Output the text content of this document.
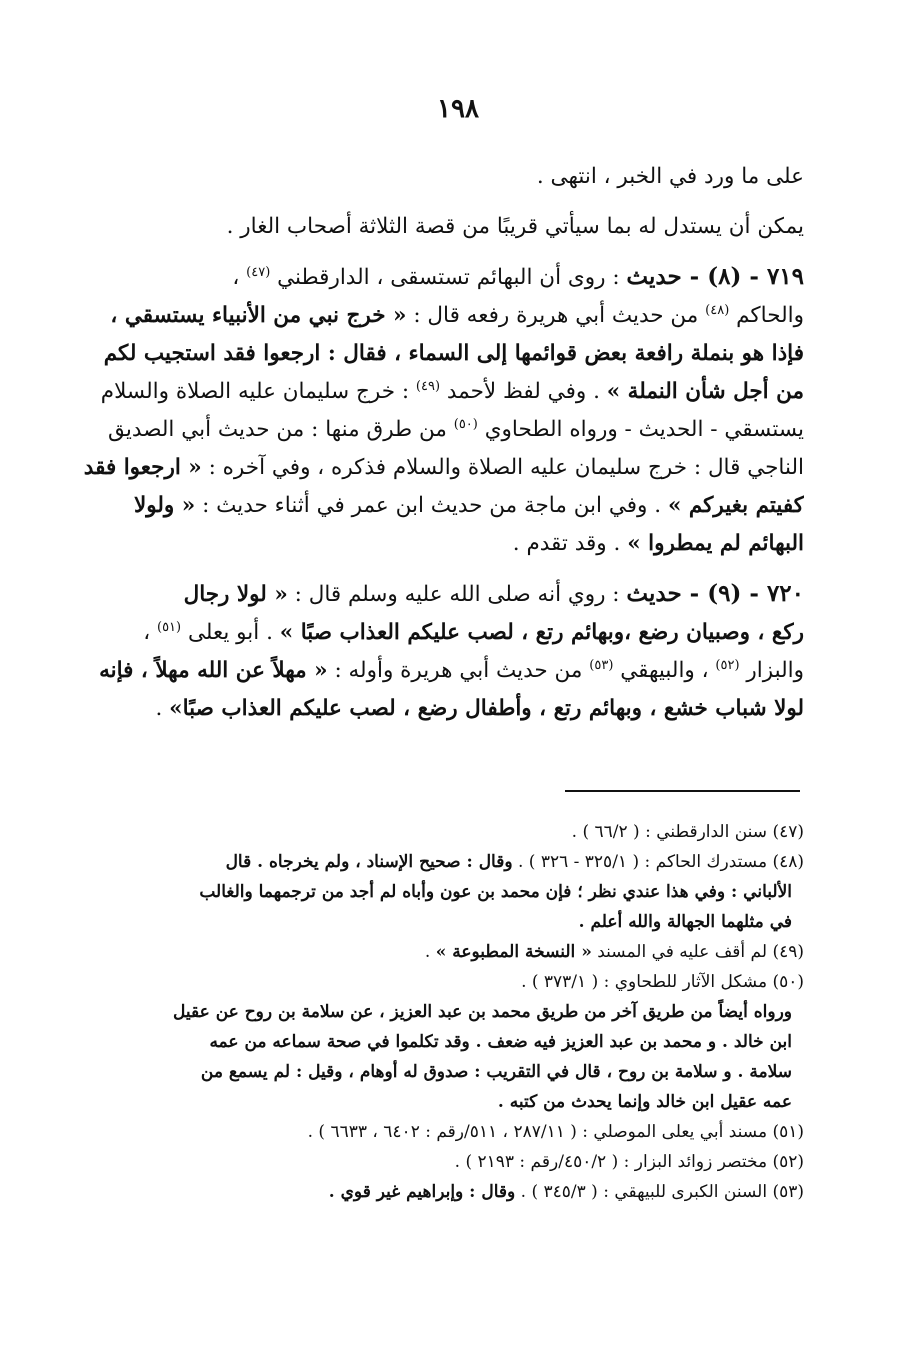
١٩٨
على ما ورد في الخبر ، انتهى .
يمكن أن يستدل له بما سيأتي قريبًا من قصة الثلاثة أصحاب الغار .
٧١٩ - (٨) - حديث : روى أن البهائم تستسقى ، الدارقطني $^{(٤٧)}$ ،
والحاكم $^{(٤٨)}$ من حديث أبي هريرة رفعه قال : « خرج نبي من الأنبياء يستسقي ،
فإذا هو بنملة رافعة بعض قوائمها إلى السماء ، فقال : ارجعوا فقد استجيب لكم
من أجل شأن النملة » . وفي لفظ لأحمد $^{(٤٩)}$ : خرج سليمان عليه الصلاة والسلام
يستسقي - الحديث - ورواه الطحاوي $^{(٥٠)}$ من طرق منها : من حديث أبي الصديق
الناجي قال : خرج سليمان عليه الصلاة والسلام فذكره ، وفي آخره : « ارجعوا فقد
كفيتم بغيركم » . وفي ابن ماجة من حديث ابن عمر في أثناء حديث : « ولولا
البهائم لم يمطروا » . وقد تقدم .
٧٢٠ - (٩) - حديث : روي أنه صلى الله عليه وسلم قال : « لولا رجال
ركع ، وصبيان رضع ،وبهائم رتع ، لصب عليكم العذاب صبًا » . أبو يعلى $^{(٥١)}$ ،
والبزار $^{(٥٢)}$ ، والبيهقي $^{(٥٣)}$ من حديث أبي هريرة وأوله : « مهلاً عن الله مهلاً ، فإنه
لولا شباب خشع ، وبهائم رتع ، وأطفال رضع ، لصب عليكم العذاب صبًا» .
(٤٧) سنن الدارقطني : ( ٦٦/٢ ) .
(٤٨) مستدرك الحاكم : ( ٣٢٥/١ - ٣٢٦ ) . وقال : صحيح الإسناد ، ولم يخرجاه . قال
الألباني : وفي هذا عندي نظر ؛ فإن محمد بن عون وأباه لم أجد من ترجمهما والغالب
في مثلهما الجهالة والله أعلم .
(٤٩) لم أقف عليه في المسند « النسخة المطبوعة » .
(٥٠) مشكل الآثار للطحاوي : ( ٣٧٣/١ ) .
ورواه أيضاً من طريق آخر من طريق محمد بن عبد العزيز ، عن سلامة بن روح عن عقيل
ابن خالد . و محمد بن عبد العزيز فيه ضعف . وقد تكلموا في صحة سماعه من عمه
سلامة . و سلامة بن روح ، قال في التقريب : صدوق له أوهام ، وقيل : لم يسمع من
عمه عقيل ابن خالد وإنما يحدث من كتبه .
(٥١) مسند أبي يعلى الموصلي : ( ٢٨٧/١١ ، ٥١١/رقم : ٦٤٠٢ ، ٦٦٣٣ ) .
(٥٢) مختصر زوائد البزار : ( ٤٥٠/٢/رقم : ٢١٩٣ ) .
(٥٣) السنن الكبرى للبيهقي : ( ٣٤٥/٣ ) . وقال : وإبراهيم غير قوي .
